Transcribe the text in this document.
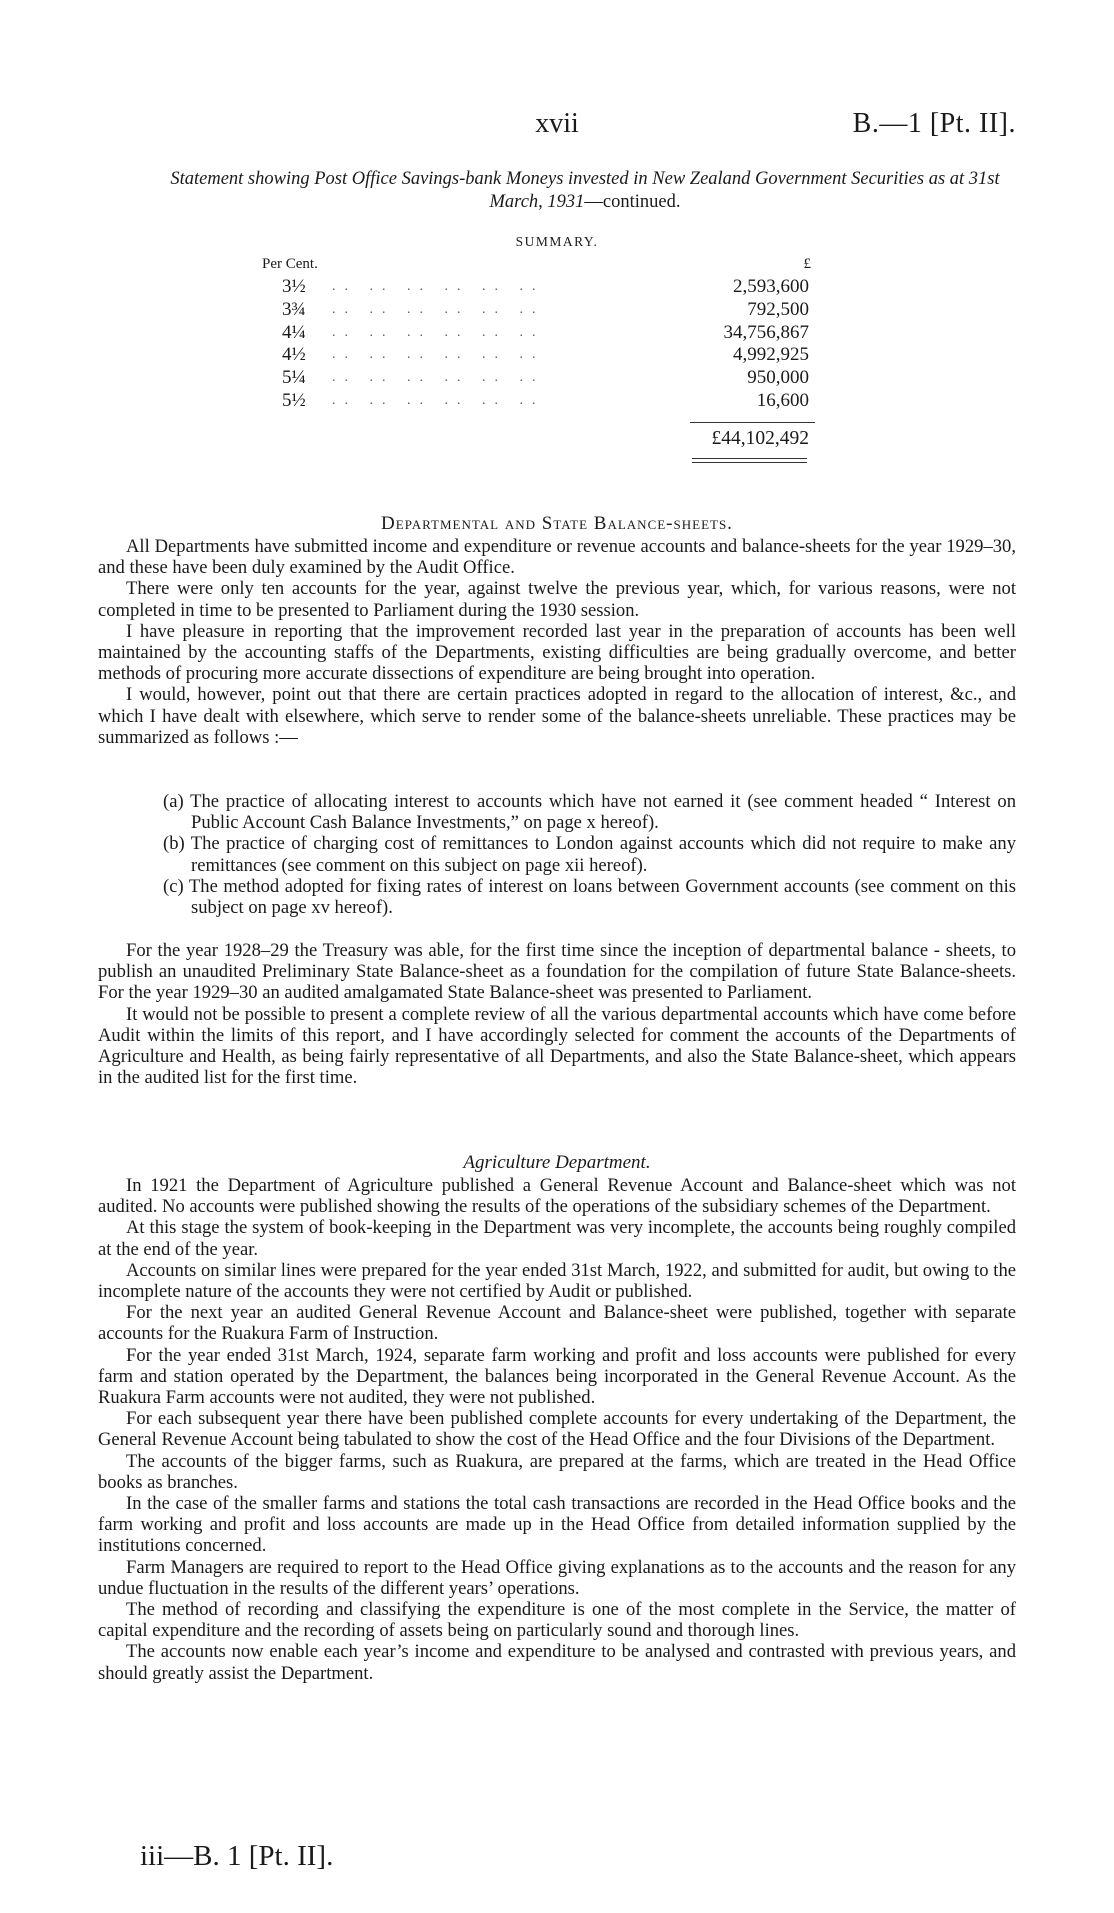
xvii	B.—1 [Pt. II].
Statement showing Post Office Savings-bank Moneys invested in New Zealand Government Securities as at 31st March, 1931—continued.
SUMMARY.
Per Cent.	£
3½	.. .. .. .. .. ..	2,593,600
3¾	.. .. .. .. .. ..	792,500
4¼	.. .. .. .. .. ..	34,756,867
4½	.. .. .. .. .. ..	4,992,925
5¼	.. .. .. .. .. ..	950,000
5½	.. .. .. .. .. ..	16,600
£44,102,492
Departmental and State Balance-sheets.

All Departments have submitted income and expenditure or revenue accounts and balance-sheets for the year 1929–30, and these have been duly examined by the Audit Office.

There were only ten accounts for the year, against twelve the previous year, which, for various reasons, were not completed in time to be presented to Parliament during the 1930 session.

I have pleasure in reporting that the improvement recorded last year in the preparation of accounts has been well maintained by the accounting staffs of the Departments, existing difficulties are being gradually overcome, and better methods of procuring more accurate dissections of expenditure are being brought into operation.

I would, however, point out that there are certain practices adopted in regard to the allocation of interest, &c., and which I have dealt with elsewhere, which serve to render some of the balance-sheets unreliable. These practices may be summarized as follows :—

(a) The practice of allocating interest to accounts which have not earned it (see comment headed “ Interest on Public Account Cash Balance Investments,” on page x hereof).

(b) The practice of charging cost of remittances to London against accounts which did not require to make any remittances (see comment on this subject on page xii hereof).

(c) The method adopted for fixing rates of interest on loans between Government accounts (see comment on this subject on page xv hereof).

For the year 1928–29 the Treasury was able, for the first time since the inception of departmental balance - sheets, to publish an unaudited Preliminary State Balance-sheet as a foundation for the compilation of future State Balance-sheets. For the year 1929–30 an audited amalgamated State Balance-sheet was presented to Parliament.

It would not be possible to present a complete review of all the various departmental accounts which have come before Audit within the limits of this report, and I have accordingly selected for comment the accounts of the Departments of Agriculture and Health, as being fairly representative of all Departments, and also the State Balance-sheet, which appears in the audited list for the first time.

Agriculture Department.

In 1921 the Department of Agriculture published a General Revenue Account and Balance-sheet which was not audited. No accounts were published showing the results of the operations of the subsidiary schemes of the Department.

At this stage the system of book-keeping in the Department was very incomplete, the accounts being roughly compiled at the end of the year.

Accounts on similar lines were prepared for the year ended 31st March, 1922, and submitted for audit, but owing to the incomplete nature of the accounts they were not certified by Audit or published.

For the next year an audited General Revenue Account and Balance-sheet were published, together with separate accounts for the Ruakura Farm of Instruction.

For the year ended 31st March, 1924, separate farm working and profit and loss accounts were published for every farm and station operated by the Department, the balances being incorporated in the General Revenue Account. As the Ruakura Farm accounts were not audited, they were not published.

For each subsequent year there have been published complete accounts for every undertaking of the Department, the General Revenue Account being tabulated to show the cost of the Head Office and the four Divisions of the Department.

The accounts of the bigger farms, such as Ruakura, are prepared at the farms, which are treated in the Head Office books as branches.

In the case of the smaller farms and stations the total cash transactions are recorded in the Head Office books and the farm working and profit and loss accounts are made up in the Head Office from detailed information supplied by the institutions concerned.

Farm Managers are required to report to the Head Office giving explanations as to the accounts and the reason for any undue fluctuation in the results of the different years’ operations.

The method of recording and classifying the expenditure is one of the most complete in the Service, the matter of capital expenditure and the recording of assets being on particularly sound and thorough lines.

The accounts now enable each year’s income and expenditure to be analysed and contrasted with previous years, and should greatly assist the Department.

iii—B. 1 [Pt. II].
